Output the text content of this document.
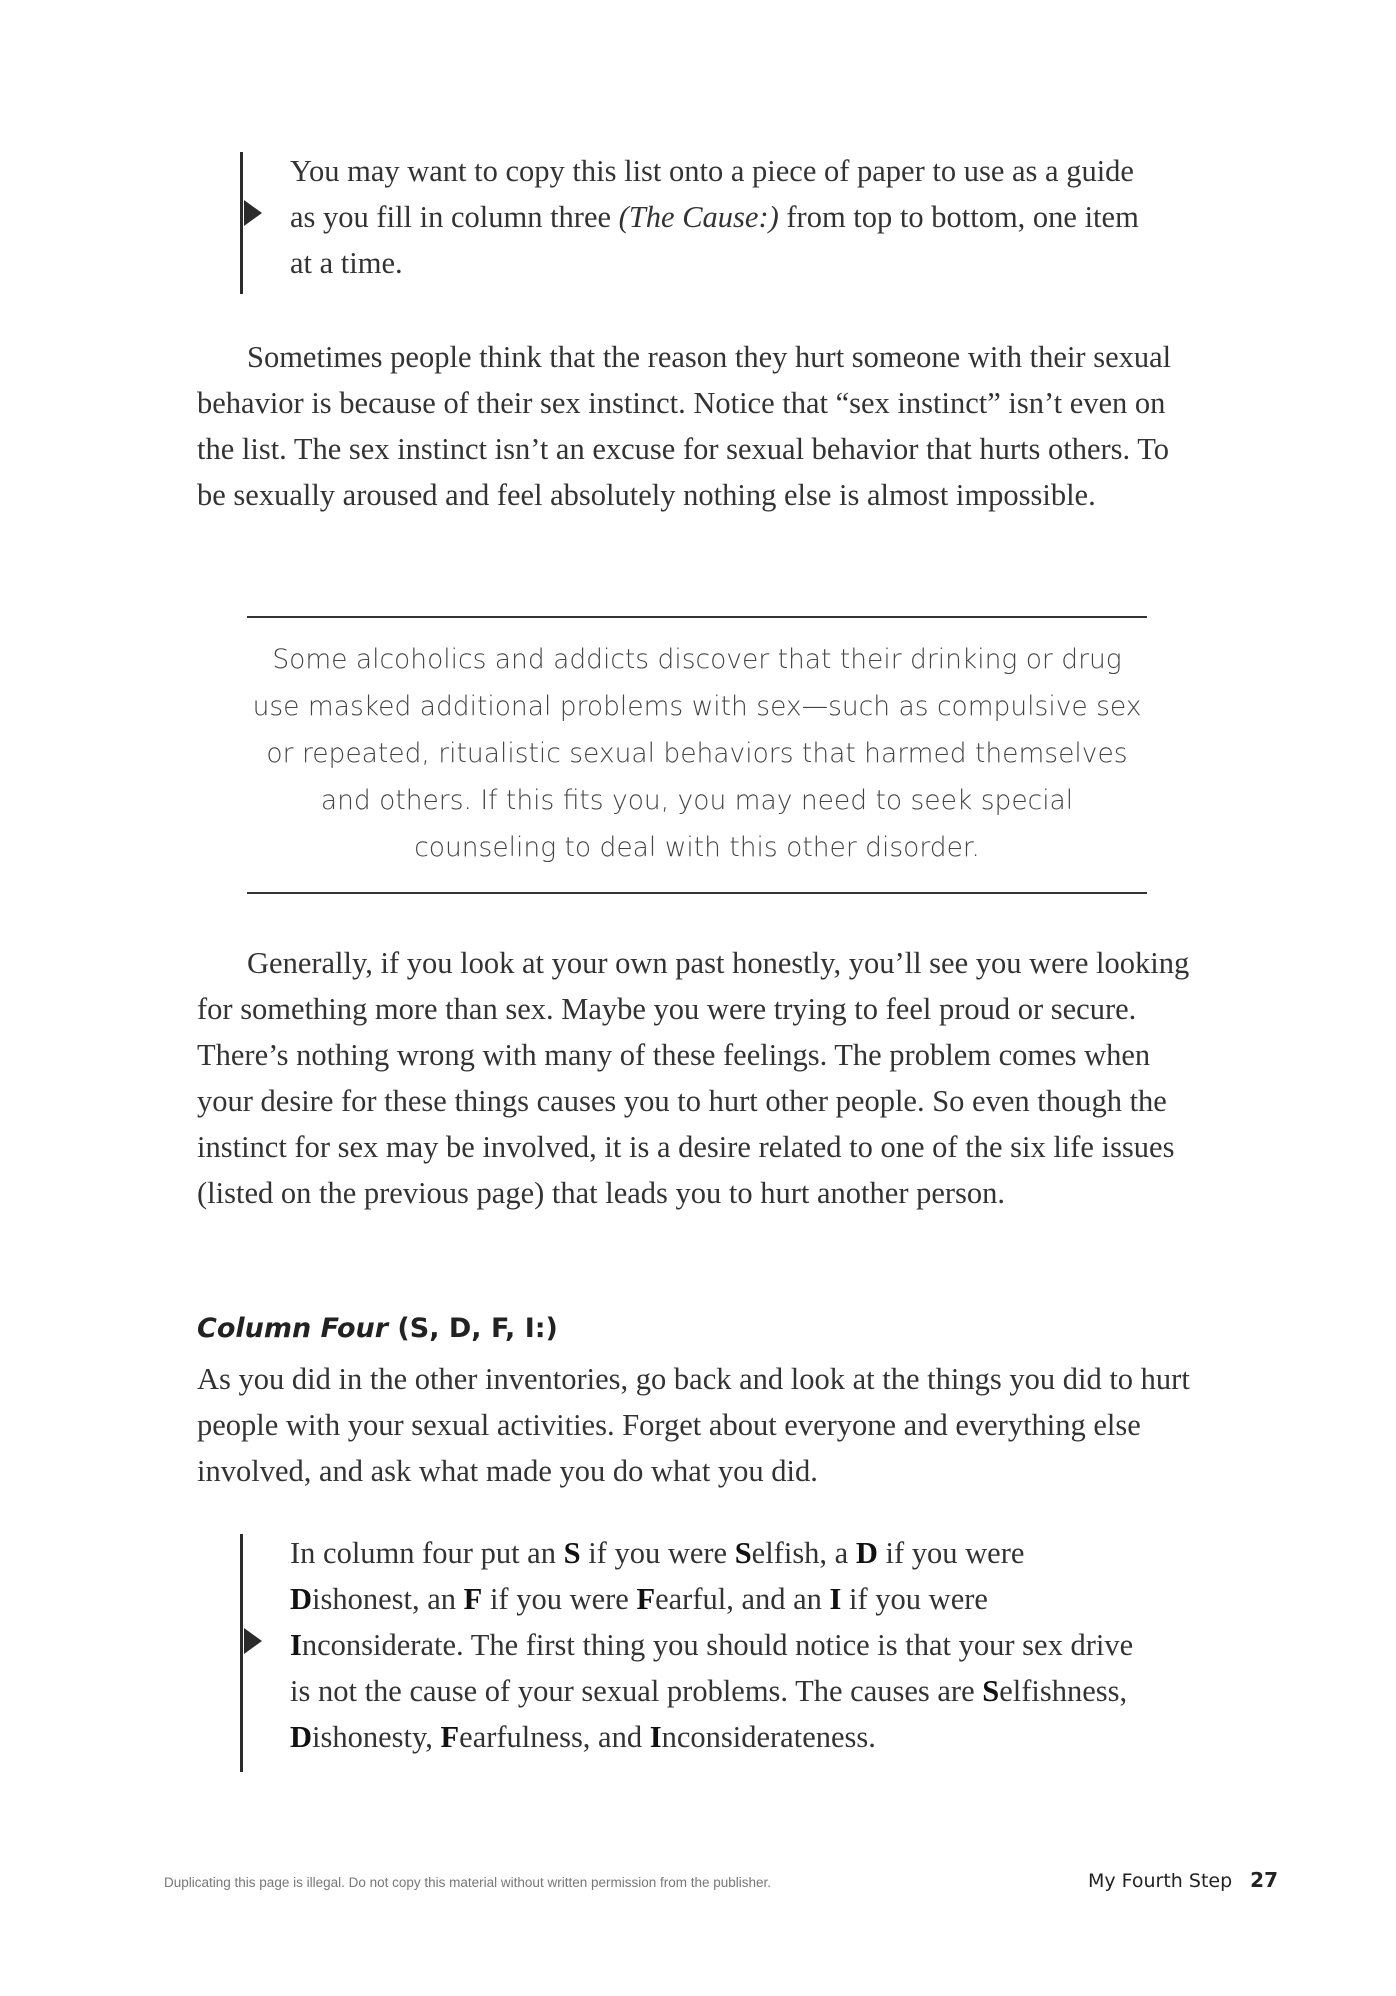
You may want to copy this list onto a piece of paper to use as a guide as you fill in column three (The Cause:) from top to bottom, one item at a time.

Sometimes people think that the reason they hurt someone with their sexual behavior is because of their sex instinct. Notice that “sex instinct” isn’t even on the list. The sex instinct isn’t an excuse for sexual behavior that hurts others. To be sexually aroused and feel absolutely nothing else is almost impossible.

Some alcoholics and addicts discover that their drinking or drug use masked additional problems with sex—such as compulsive sex or repeated, ritualistic sexual behaviors that harmed themselves and others. If this fits you, you may need to seek special counseling to deal with this other disorder.

Generally, if you look at your own past honestly, you’ll see you were looking for something more than sex. Maybe you were trying to feel proud or secure. There’s nothing wrong with many of these feelings. The problem comes when your desire for these things causes you to hurt other people. So even though the instinct for sex may be involved, it is a desire related to one of the six life issues (listed on the previous page) that leads you to hurt another person.

Column Four (S, D, F, I:)

As you did in the other inventories, go back and look at the things you did to hurt people with your sexual activities. Forget about everyone and everything else involved, and ask what made you do what you did.

In column four put an S if you were Selfish, a D if you were Dishonest, an F if you were Fearful, and an I if you were Inconsiderate. The first thing you should notice is that your sex drive is not the cause of your sexual problems. The causes are Selfishness, Dishonesty, Fearfulness, and Inconsiderateness.
Duplicating this page is illegal. Do not copy this material without written permission from the publisher.	My Fourth Step 27
